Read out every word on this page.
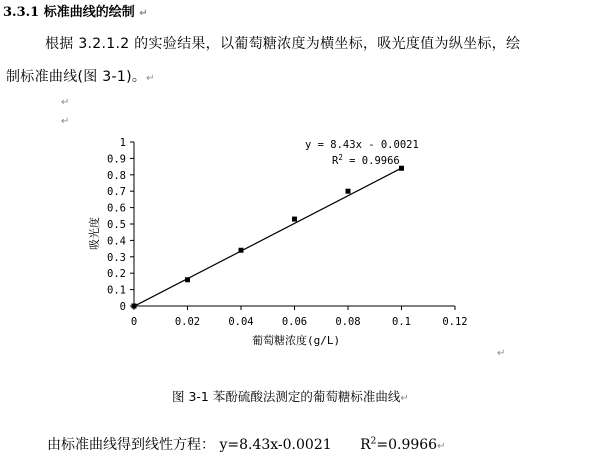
0	0.02	0.04	0.06	0.08	0.1	0.12
0
0.1
0.2
0.3
0.4
0.5
0.6
0.7
0.8
0.9
1	y = 8.43x - 0.0021
$R^2 = 0.9966$
葡萄糖浓度(g/L)
吸光度
3.3.1 标准曲线的绘制 ↵
根据 3.2.1.2 的实验结果，以葡萄糖浓度为横坐标，吸光度值为纵坐标，绘
制标准曲线(图 3-1)。↵
↵
↵
↵
图 3-1 苯酚硫酸法测定的葡萄糖标准曲线↵
由标准曲线得到线性方程： y=8.43x-0.0021 $R^2=0.9966↵$
